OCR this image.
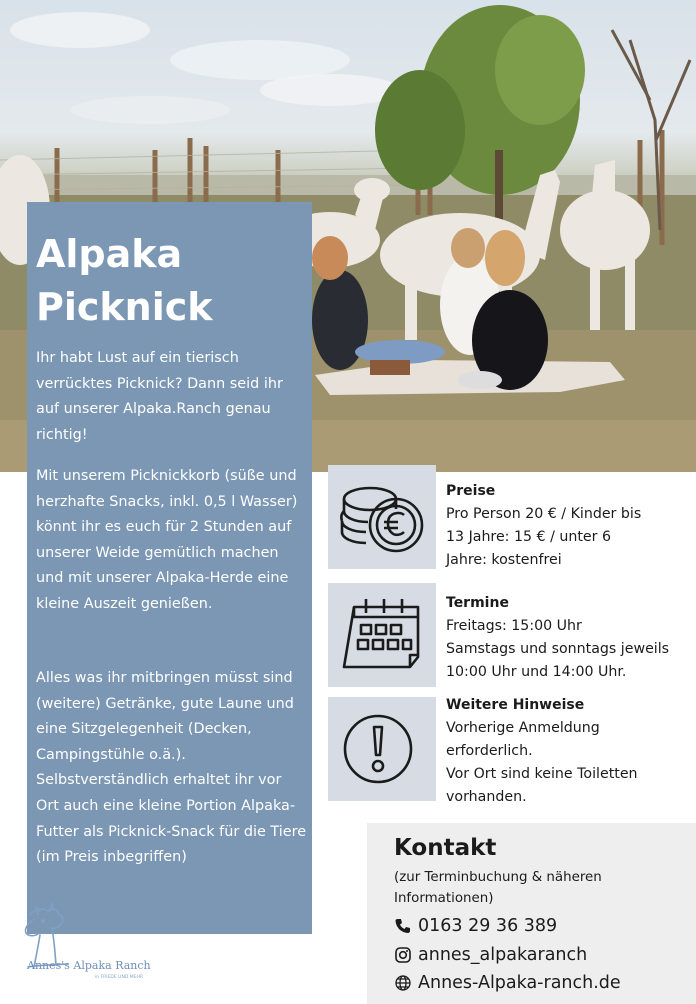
Alpaka
Picknick

Ihr habt Lust auf ein tierisch verrücktes Picknick? Dann seid ihr auf unserer Alpaka.Ranch genau richtig!

Mit unserem Picknickkorb (süße und herzhafte Snacks, inkl. 0,5 l Wasser) könnt ihr es euch für 2 Stunden auf unserer Weide gemütlich machen und mit unserer Alpaka-Herde eine kleine Auszeit genießen.

Alles was ihr mitbringen müsst sind (weitere) Getränke, gute Laune und eine Sitzgelegenheit (Decken, Campingstühle o.ä.). Selbstverständlich erhaltet ihr vor Ort auch eine kleine Portion Alpaka-Futter als Picknick-Snack für die Tiere (im Preis inbegriffen)

Preise
Pro Person 20 € / Kinder bis
13 Jahre: 15 € / unter 6
Jahre: kostenfrei
Termine
Freitags: 15:00 Uhr
Samstags und sonntags jeweils
10:00 Uhr und 14:00 Uhr.
Weitere Hinweise
Vorherige Anmeldung
erforderlich.
Vor Ort sind keine Toiletten
vorhanden.
Kontakt
(zur Terminbuchung & näheren Informationen)
0163 29 36 389
annes_alpakaranch
Annes-Alpaka-ranch.de
Annes's Alpaka Ranch
in FRIEDE UND MEHR
